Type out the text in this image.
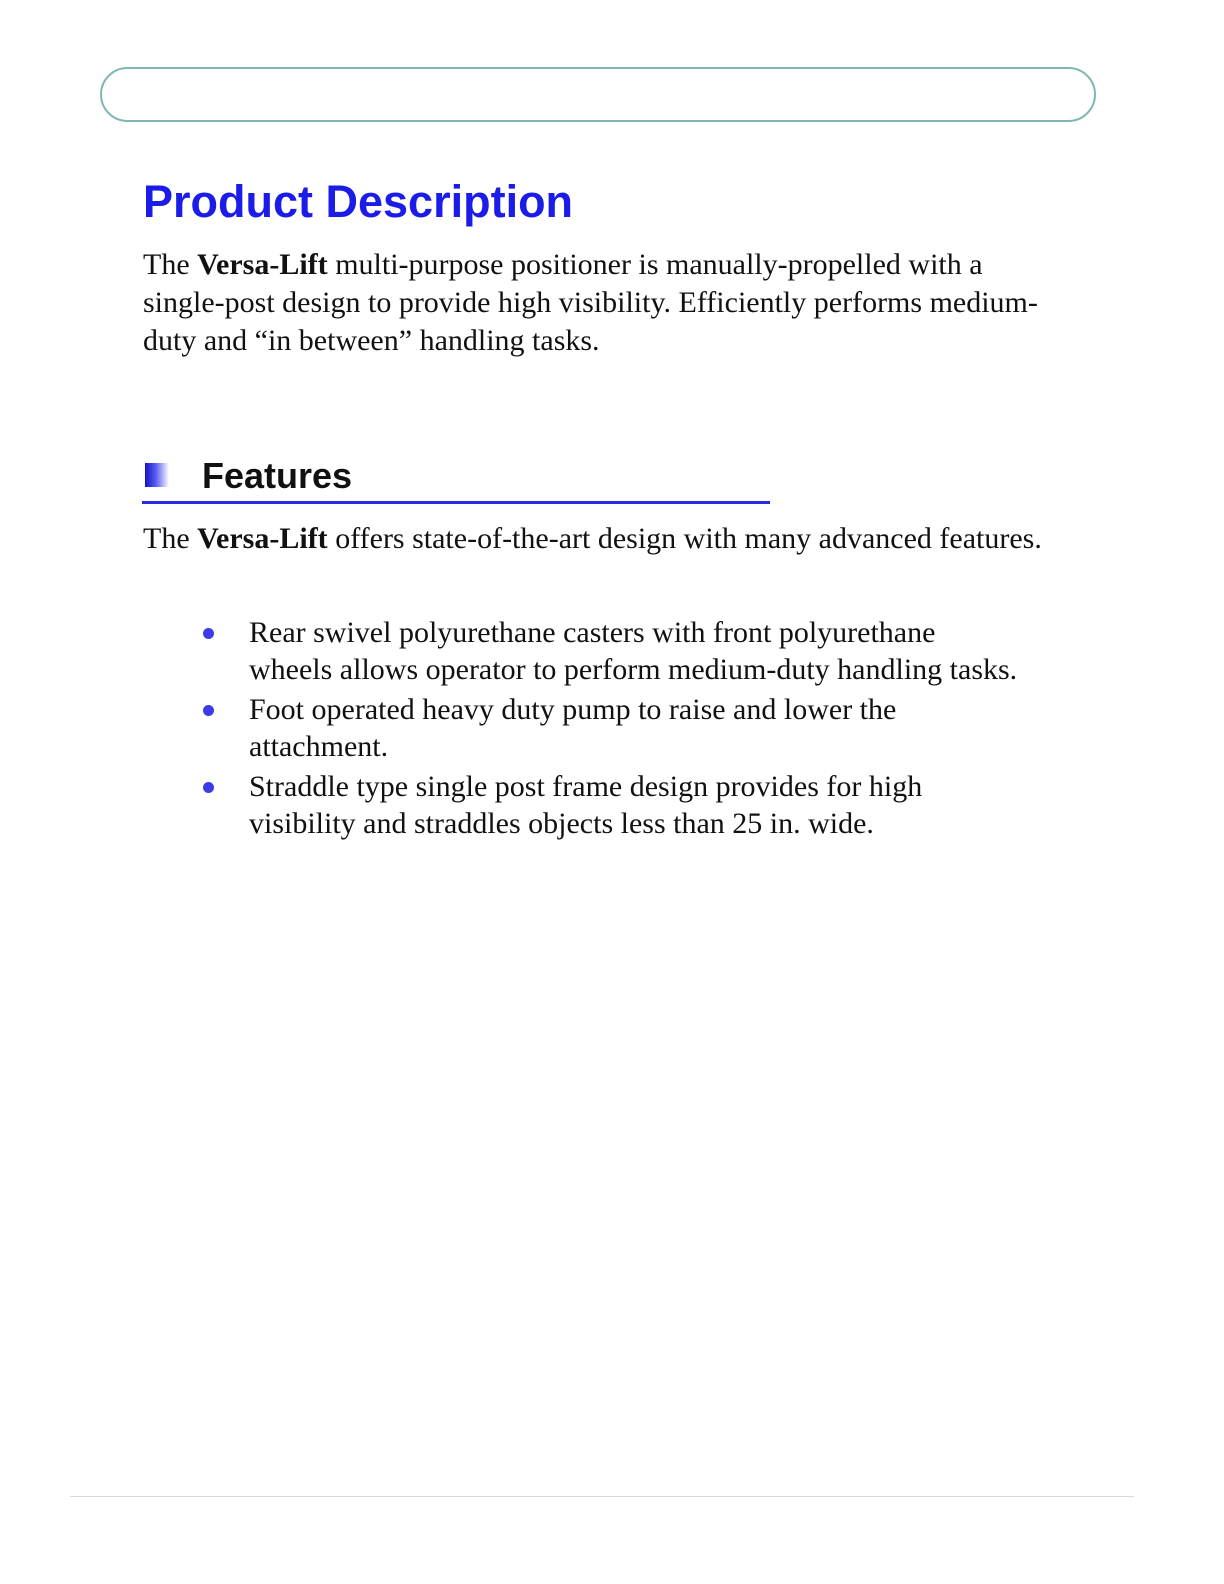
Product Description

The Versa-Lift multi-purpose positioner is manually-propelled with a single-post design to provide high visibility. Efficiently performs medium-duty and “in between” handling tasks.

Features

The Versa-Lift offers state-of-the-art design with many advanced features.

Rear swivel polyurethane casters with front polyurethane wheels allows operator to perform medium-duty handling tasks.
Foot operated heavy duty pump to raise and lower the attachment.
Straddle type single post frame design provides for high visibility and straddles objects less than 25 in. wide.
